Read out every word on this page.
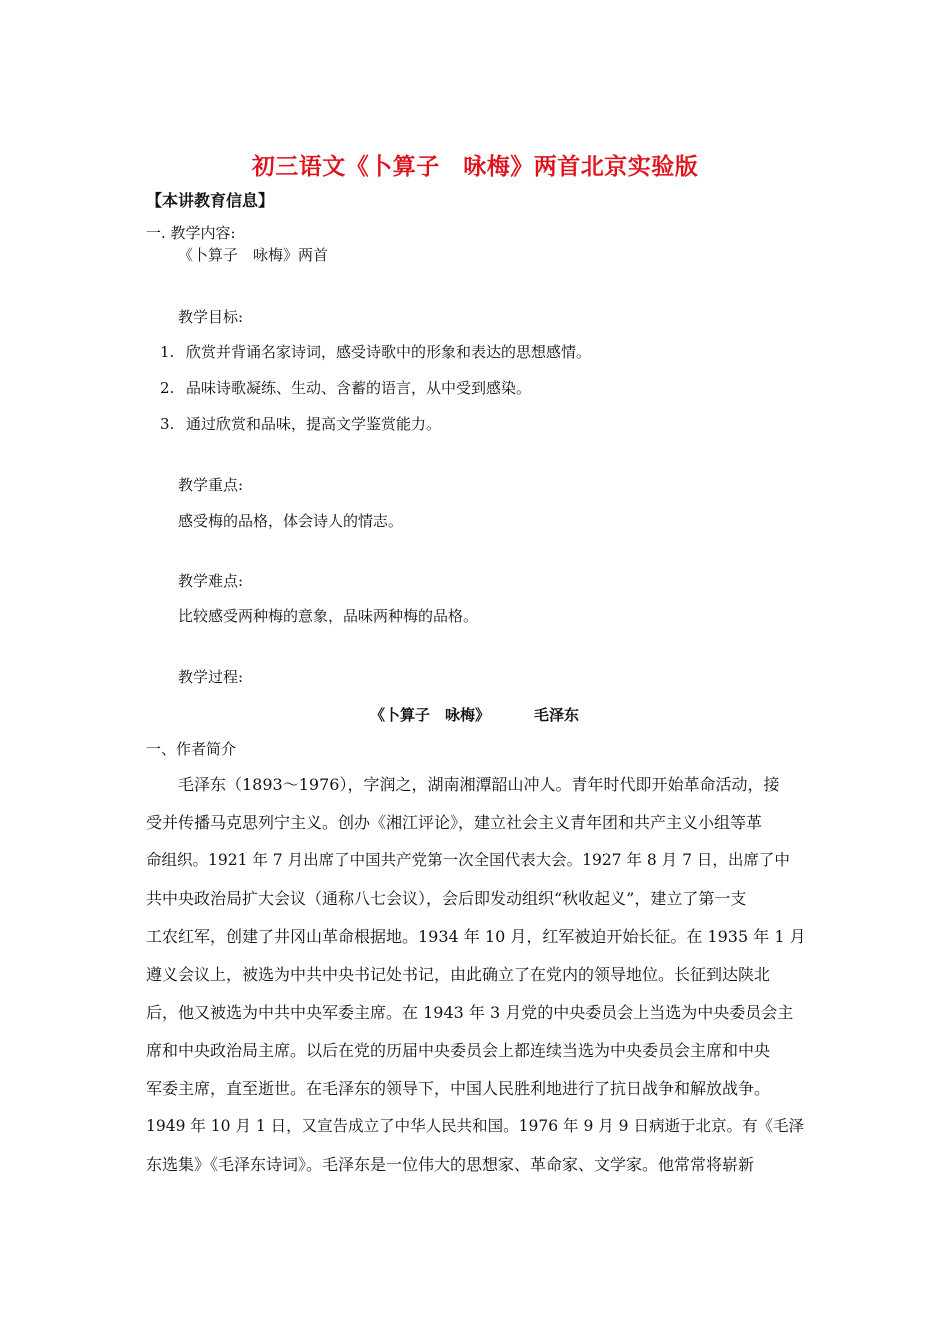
初三语文《卜算子　咏梅》两首北京实验版
【本讲教育信息】
一. 教学内容:
《卜算子　咏梅》两首
教学目标:
1. 欣赏并背诵名家诗词，感受诗歌中的形象和表达的思想感情。
2. 品味诗歌凝练、生动、含蓄的语言，从中受到感染。
3. 通过欣赏和品味，提高文学鉴赏能力。
教学重点:
感受梅的品格，体会诗人的情志。
教学难点:
比较感受两种梅的意象，品味两种梅的品格。
教学过程:
《卜算子　咏梅》	毛泽东
一、作者简介
　　毛泽东（1893～1976），字润之，湖南湘潭韶山冲人。青年时代即开始革命活动，接
受并传播马克思列宁主义。创办《湘江评论》，建立社会主义青年团和共产主义小组等革
命组织。1921 年 7 月出席了中国共产党第一次全国代表大会。1927 年 8 月 7 日，出席了中
共中央政治局扩大会议（通称八七会议），会后即发动组织“秋收起义”，建立了第一支
工农红军，创建了井冈山革命根据地。1934 年 10 月，红军被迫开始长征。在 1935 年 1 月
遵义会议上，被选为中共中央书记处书记，由此确立了在党内的领导地位。长征到达陕北
后，他又被选为中共中央军委主席。在 1943 年 3 月党的中央委员会上当选为中央委员会主
席和中央政治局主席。以后在党的历届中央委员会上都连续当选为中央委员会主席和中央
军委主席，直至逝世。在毛泽东的领导下，中国人民胜利地进行了抗日战争和解放战争。
1949 年 10 月 1 日，又宣告成立了中华人民共和国。1976 年 9 月 9 日病逝于北京。有《毛泽
东选集》《毛泽东诗词》。毛泽东是一位伟大的思想家、革命家、文学家。他常常将崭新
